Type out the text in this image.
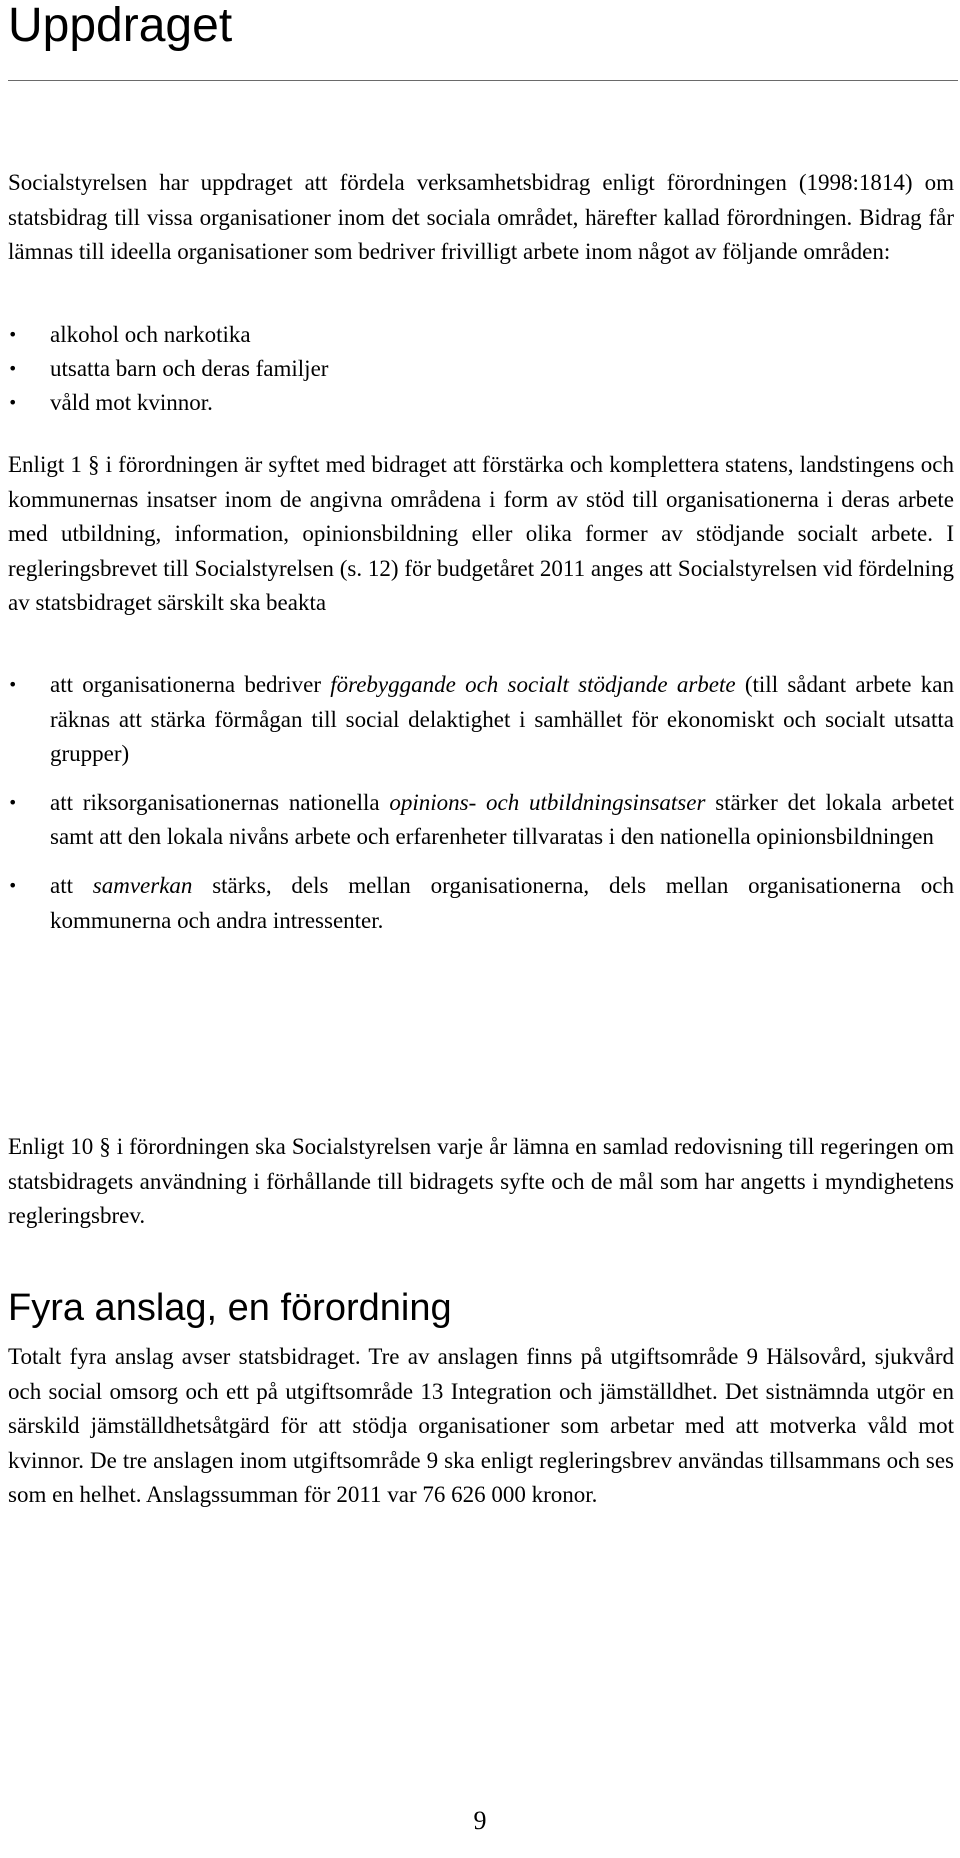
Uppdraget

Socialstyrelsen har uppdraget att fördela verksamhetsbidrag enligt förordningen (1998:1814) om statsbidrag till vissa organisationer inom det sociala området, härefter kallad förordningen. Bidrag får lämnas till ideella organisationer som bedriver frivilligt arbete inom något av följande områden:

• alkohol och narkotika
• utsatta barn och deras familjer
• våld mot kvinnor.

Enligt 1 § i förordningen är syftet med bidraget att förstärka och komplettera statens, landstingens och kommunernas insatser inom de angivna områdena i form av stöd till organisationerna i deras arbete med utbildning, information, opinionsbildning eller olika former av stödjande socialt arbete. I regleringsbrevet till Socialstyrelsen (s. 12) för budgetåret 2011 anges att Socialstyrelsen vid fördelning av statsbidraget särskilt ska beakta

• att organisationerna bedriver förebyggande och socialt stödjande arbete (till sådant arbete kan räknas att stärka förmågan till social delaktighet i samhället för ekonomiskt och socialt utsatta grupper)
• att riksorganisationernas nationella opinions- och utbildningsinsatser stärker det lokala arbetet samt att den lokala nivåns arbete och erfarenheter tillvaratas i den nationella opinionsbildningen
• att samverkan stärks, dels mellan organisationerna, dels mellan organisationerna och kommunerna och andra intressenter.

Enligt 10 § i förordningen ska Socialstyrelsen varje år lämna en samlad redovisning till regeringen om statsbidragets användning i förhållande till bidragets syfte och de mål som har angetts i myndighetens regleringsbrev.

Fyra anslag, en förordning

Totalt fyra anslag avser statsbidraget. Tre av anslagen finns på utgiftsområde 9 Hälsovård, sjukvård och social omsorg och ett på utgiftsområde 13 Integration och jämställdhet. Det sistnämnda utgör en särskild jämställdhetsåtgärd för att stödja organisationer som arbetar med att motverka våld mot kvinnor. De tre anslagen inom utgiftsområde 9 ska enligt regleringsbrev användas tillsammans och ses som en helhet. Anslagssumman för 2011 var 76 626 000 kronor.

9
